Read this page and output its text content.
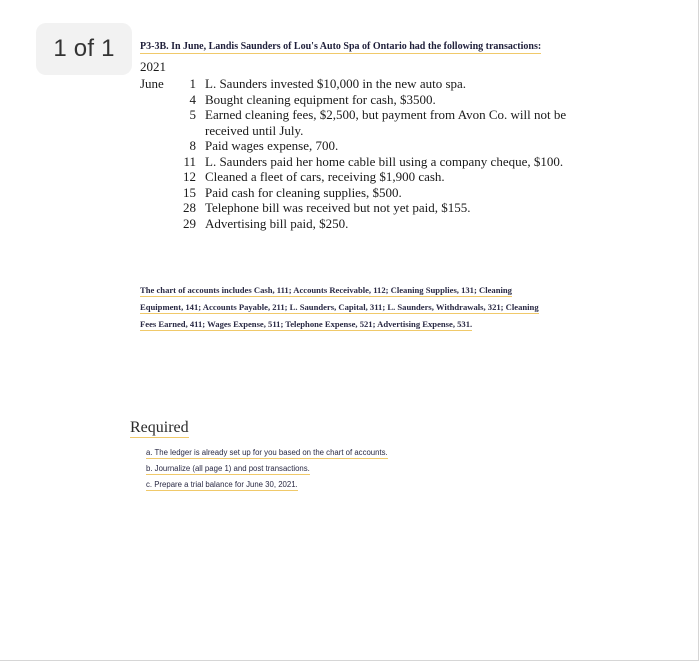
1 of 1	P3-3B. In June, Landis Saunders of Lou's Auto Spa of Ontario had the following transactions:
2021
June	1 L. Saunders invested $10,000 in the new auto spa.
4 Bought cleaning equipment for cash, $3500.
5 Earned cleaning fees, $2,500, but payment from Avon Co. will not be received until July.
8 Paid wages expense, 700.
11 L. Saunders paid her home cable bill using a company cheque, $100.
12 Cleaned a fleet of cars, receiving $1,900 cash.
15 Paid cash for cleaning supplies, $500.
28 Telephone bill was received but not yet paid, $155.
29 Advertising bill paid, $250.
The chart of accounts includes Cash, 111; Accounts Receivable, 112; Cleaning Supplies, 131; Cleaning Equipment, 141; Accounts Payable, 211; L. Saunders, Capital, 311; L. Saunders, Withdrawals, 321; Cleaning Fees Earned, 411; Wages Expense, 511; Telephone Expense, 521; Advertising Expense, 531.
Required
a. The ledger is already set up for you based on the chart of accounts.
b. Journalize (all page 1) and post transactions.
c. Prepare a trial balance for June 30, 2021.
